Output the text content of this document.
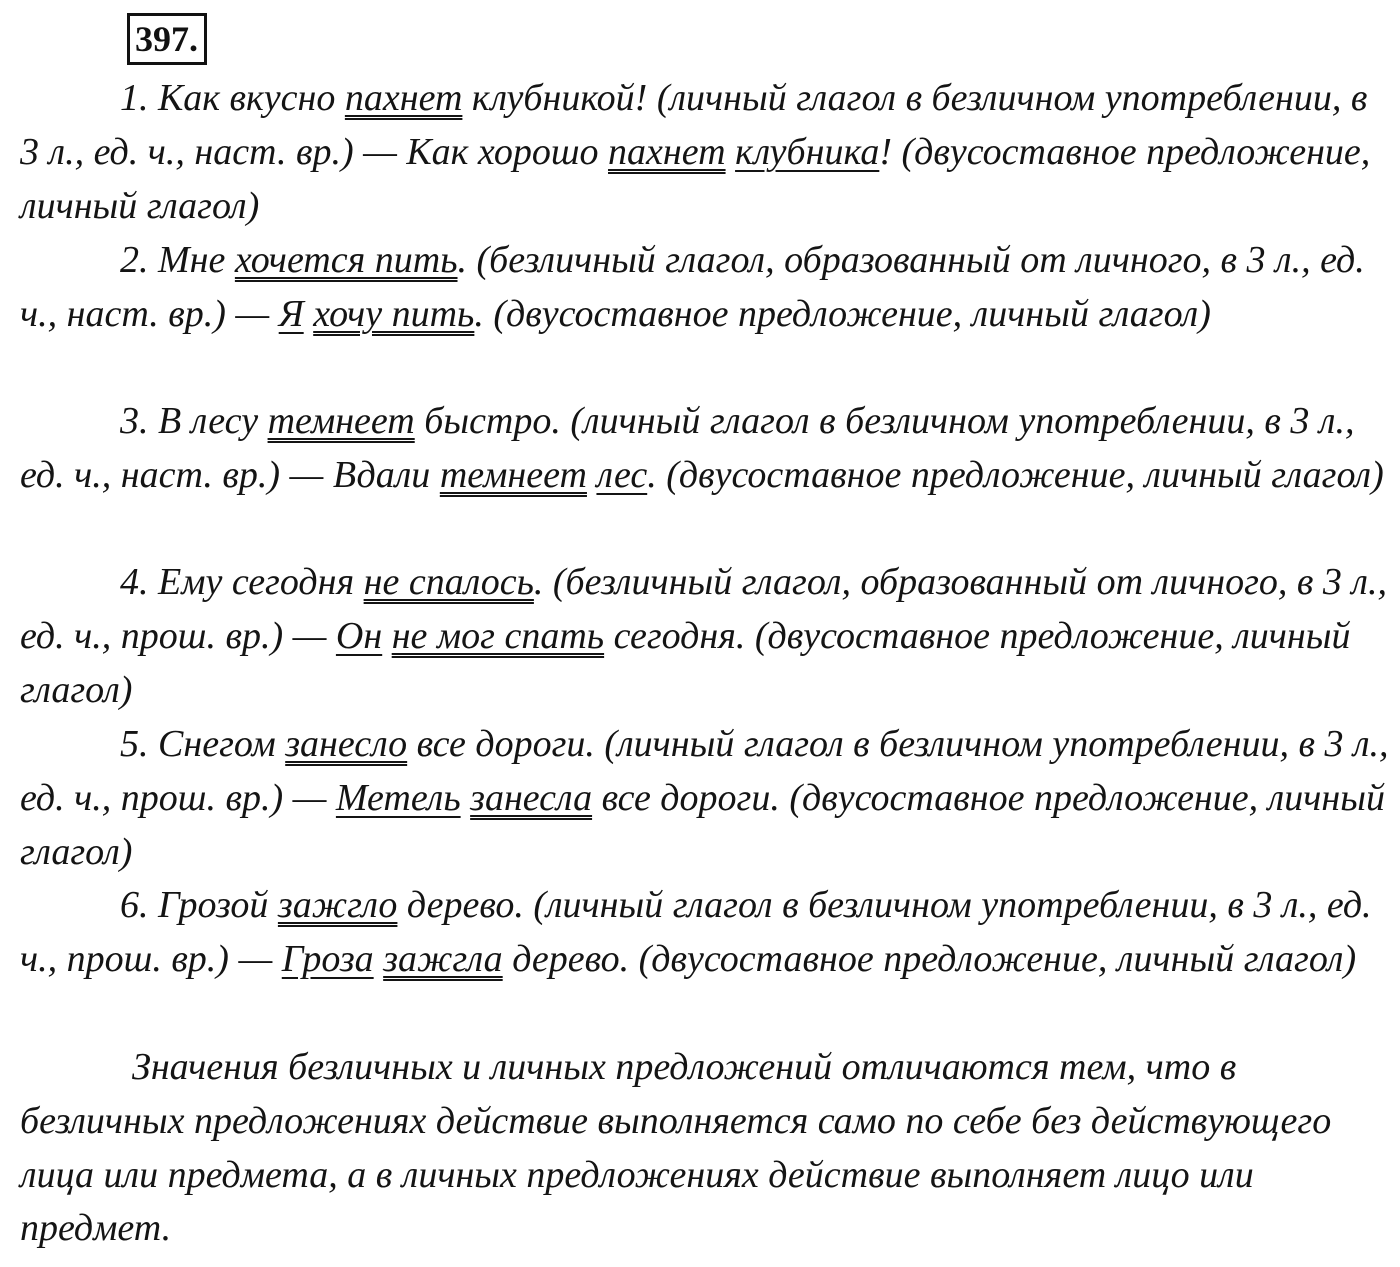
397.

1. Как вкусно пахнет клубникой! (личный глагол в безличном употреблении, в 3 л., ед. ч., наст. вр.) — Как хорошо пахнет клубника! (двусоставное предложение, личный глагол)

2. Мне хочется пить. (безличный глагол, образованный от личного, в 3 л., ед. ч., наст. вр.) — Я хочу пить. (двусоставное предложение, личный глагол)

3. В лесу темнеет быстро. (личный глагол в безличном употреблении, в 3 л., ед. ч., наст. вр.) — Вдали темнеет лес. (двусоставное предложение, личный глагол)

4. Ему сегодня не спалось. (безличный глагол, образованный от личного, в 3 л., ед. ч., прош. вр.) — Он не мог спать сегодня. (двусоставное предложение, личный глагол)

5. Снегом занесло все дороги. (личный глагол в безличном употреблении, в 3 л., ед. ч., прош. вр.) — Метель занесла все дороги. (двусоставное предложение, личный глагол)

6. Грозой зажгло дерево. (личный глагол в безличном употреблении, в 3 л., ед. ч., прош. вр.) — Гроза зажгла дерево. (двусоставное предложение, личный глагол)

Значения безличных и личных предложений отличаются тем, что в безличных предложениях действие выполняется само по себе без действующего лица или предмета, а в личных предложениях действие выполняет лицо или предмет.
